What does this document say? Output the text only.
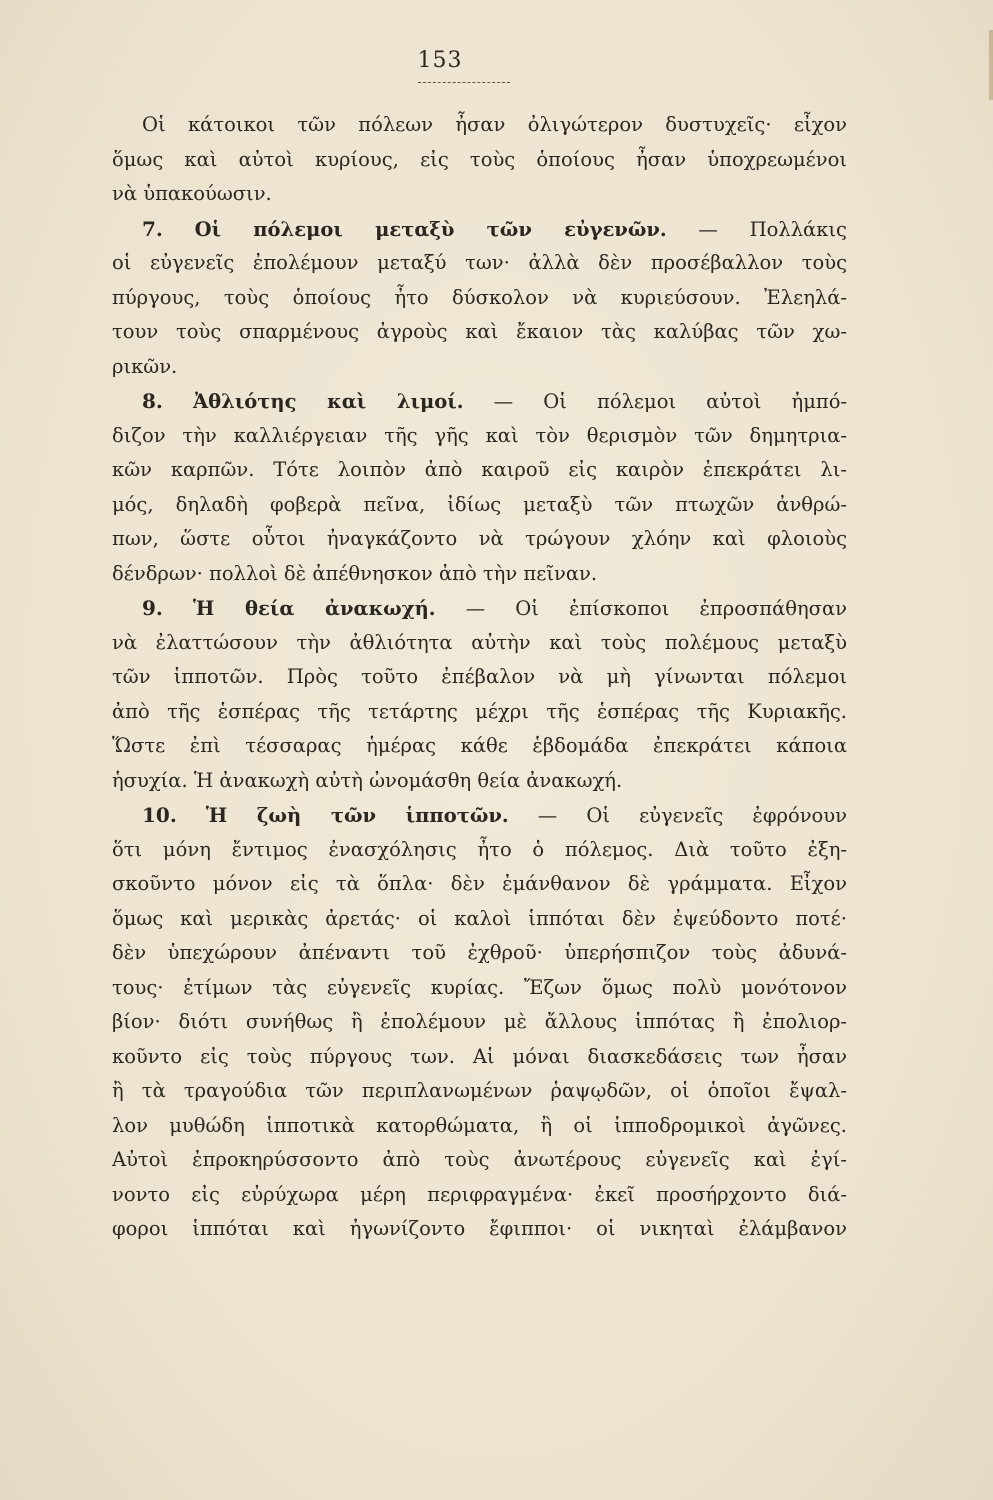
153
Οἱ κάτοικοι τῶν πόλεων ἦσαν ὀλιγώτερον δυστυχεῖς· εἶχον
ὅμως καὶ αὐτοὶ κυρίους, εἰς τοὺς ὁποίους ἦσαν ὑποχρεωμένοι
νὰ ὑπακούωσιν.
7. Οἱ πόλεμοι μεταξὺ τῶν εὐγενῶν. — Πολλάκις
οἱ εὐγενεῖς ἐπολέμουν μεταξύ των· ἀλλὰ δὲν προσέβαλλον τοὺς
πύργους, τοὺς ὁποίους ἦτο δύσκολον νὰ κυριεύσουν. Ἐλεηλά-
τουν τοὺς σπαρμένους ἀγροὺς καὶ ἔκαιον τὰς καλύβας τῶν χω-
ρικῶν.
8. Ἀθλιότης καὶ λιμοί. — Οἱ πόλεμοι αὐτοὶ ἠμπό-
διζον τὴν καλλιέργειαν τῆς γῆς καὶ τὸν θερισμὸν τῶν δημητρια-
κῶν καρπῶν. Τότε λοιπὸν ἀπὸ καιροῦ εἰς καιρὸν ἐπεκράτει λι-
μός, δηλαδὴ φοβερὰ πεῖνα, ἰδίως μεταξὺ τῶν πτωχῶν ἀνθρώ-
πων, ὥστε οὗτοι ἠναγκάζοντο νὰ τρώγουν χλόην καὶ φλοιοὺς
δένδρων· πολλοὶ δὲ ἀπέθνησκον ἀπὸ τὴν πεῖναν.
9. Ἡ θεία ἀνακωχή. — Οἱ ἐπίσκοποι ἐπροσπάθησαν
νὰ ἐλαττώσουν τὴν ἀθλιότητα αὐτὴν καὶ τοὺς πολέμους μεταξὺ
τῶν ἱπποτῶν. Πρὸς τοῦτο ἐπέβαλον νὰ μὴ γίνωνται πόλεμοι
ἀπὸ τῆς ἑσπέρας τῆς τετάρτης μέχρι τῆς ἑσπέρας τῆς Κυριακῆς.
Ὥστε ἐπὶ τέσσαρας ἡμέρας κάθε ἑβδομάδα ἐπεκράτει κάποια
ἡσυχία. Ἡ ἀνακωχὴ αὐτὴ ὠνομάσθη θεία ἀνακωχή.
10. Ἡ ζωὴ τῶν ἱπποτῶν. — Οἱ εὐγενεῖς ἐφρόνουν
ὅτι μόνη ἔντιμος ἐνασχόλησις ἦτο ὁ πόλεμος. Διὰ τοῦτο ἐξη-
σκοῦντο μόνον εἰς τὰ ὅπλα· δὲν ἐμάνθανον δὲ γράμματα. Εἶχον
ὅμως καὶ μερικὰς ἀρετάς· οἱ καλοὶ ἱππόται δὲν ἐψεύδοντο ποτέ·
δὲν ὑπεχώρουν ἀπέναντι τοῦ ἐχθροῦ· ὑπερήσπιζον τοὺς ἀδυνά-
τους· ἐτίμων τὰς εὐγενεῖς κυρίας. Ἔζων ὅμως πολὺ μονότονον
βίον· διότι συνήθως ἢ ἐπολέμουν μὲ ἄλλους ἱππότας ἢ ἐπολιορ-
κοῦντο εἰς τοὺς πύργους των. Αἱ μόναι διασκεδάσεις των ἦσαν
ἢ τὰ τραγούδια τῶν περιπλανωμένων ῥαψῳδῶν, οἱ ὁποῖοι ἔψαλ-
λον μυθώδη ἱπποτικὰ κατορθώματα, ἢ οἱ ἱπποδρομικοὶ ἀγῶνες.
Αὐτοὶ ἐπροκηρύσσοντο ἀπὸ τοὺς ἀνωτέρους εὐγενεῖς καὶ ἐγί-
νοντο εἰς εὐρύχωρα μέρη περιφραγμένα· ἐκεῖ προσήρχοντο διά-
φοροι ἱππόται καὶ ἠγωνίζοντο ἔφιπποι· οἱ νικηταὶ ἐλάμβανον
